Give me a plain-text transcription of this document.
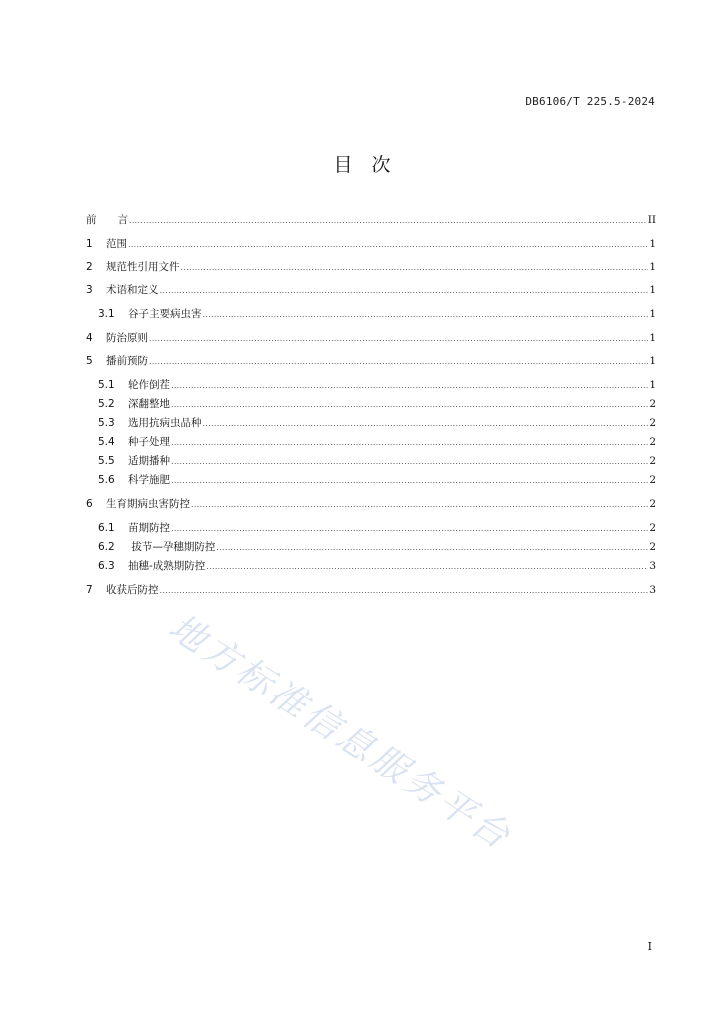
DB6106/T 225.5-2024
目　次
前　　言 .....	II
1	范围 .....	1
2	规范性引用文件 .....	1
3	术语和定义 .....	1
3.1	谷子主要病虫害 .....	1
4	防治原则 .....	1
5	播前预防 .....	1
5.1	轮作倒茬 .....	1
5.2	深翻整地 .....	2
5.3	选用抗病虫品种 .....	2
5.4	种子处理 .....	2
5.5	适期播种 .....	2
5.6	科学施肥 .....	2
6	生育期病虫害防控 .....	2
6.1	苗期防控 .....	2
6.2	拔节—孕穗期防控 .....	2
6.3	抽穗-成熟期防控 .....	3
7	收获后防控 .....	3
地方标准信息服务平台
I
